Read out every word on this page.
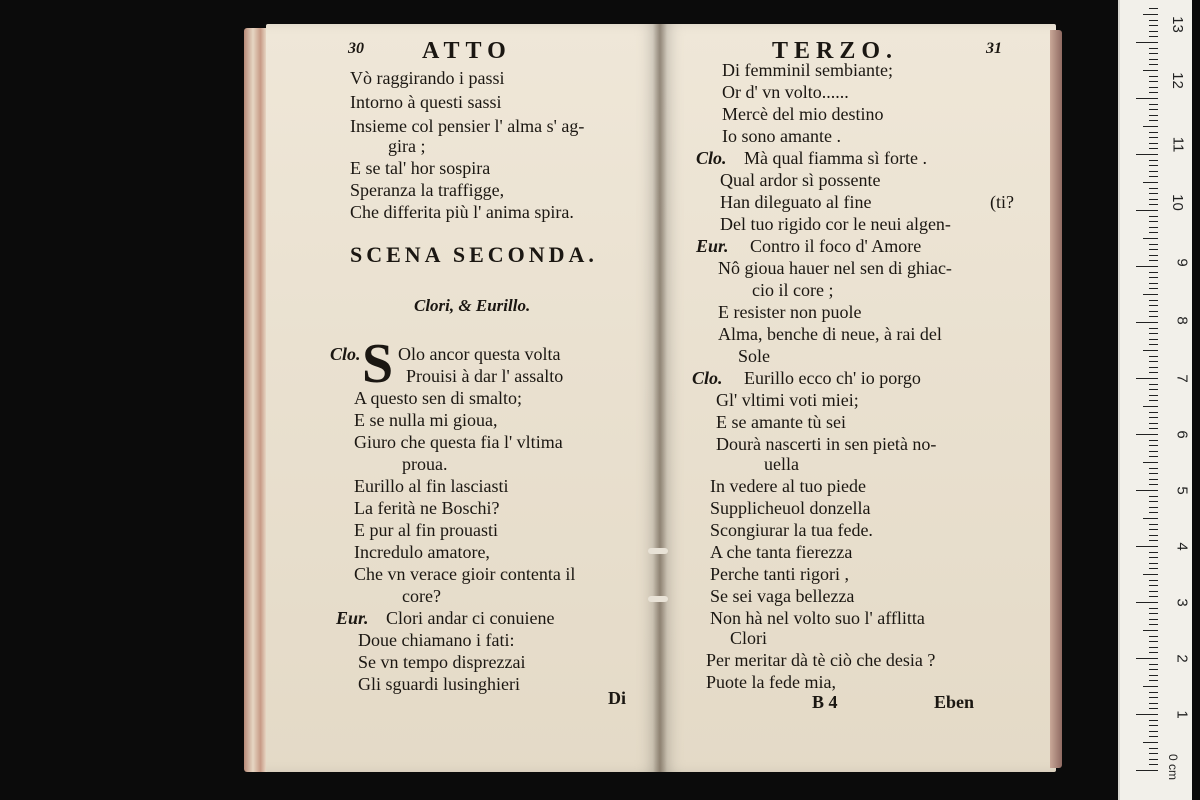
30 ATTO
Vò raggirando i passi
Intorno à questi sassi
Insieme col pensier l' alma s' ag-
gira ;
E se tal' hor sospira
Speranza la traffigge,
Che differita più l' anima spira.
SCENA SECONDA.
Clori, & Eurillo.
Clo. S Olo ancor questa volta
Prouisi à dar l' assalto
A questo sen di smalto;
E se nulla mi gioua,
Giuro che questa fia l' vltima
proua.
Eurillo al fin lasciasti
La ferità ne Boschi?
E pur al fin prouasti
Incredulo amatore,
Che vn verace gioir contenta il
core?
Eur. Clori andar ci conuiene
Doue chiamano i fati:
Se vn tempo disprezzai
Gli sguardi lusinghieri
Di
TERZO.	31
Di femminil sembiante;
Or d' vn volto......
Mercè del mio destino
Io sono amante .
Clo. Mà qual fiamma sì forte .
Qual ardor sì possente
Han dileguato al fine	(ti?
Del tuo rigido cor le neui algen-
Eur. Contro il foco d' Amore
Nô gioua hauer nel sen di ghiac-
cio il core ;
E resister non puole
Alma, benche di neue, à rai del
Sole
Clo. Eurillo ecco ch' io porgo
Gl' vltimi voti miei;
E se amante tù sei
Dourà nascerti in sen pietà no-
uella
In vedere al tuo piede
Supplicheuol donzella
Scongiurar la tua fede.
A che tanta fierezza
Perche tanti rigori ,
Se sei vaga bellezza
Non hà nel volto suo l' afflitta
Clori
Per meritar dà tè ciò che desia ?
Puote la fede mia,
B 4	Eben
0 cm
1
2
3
4
5
6
7
8
9
10
11
12
13
